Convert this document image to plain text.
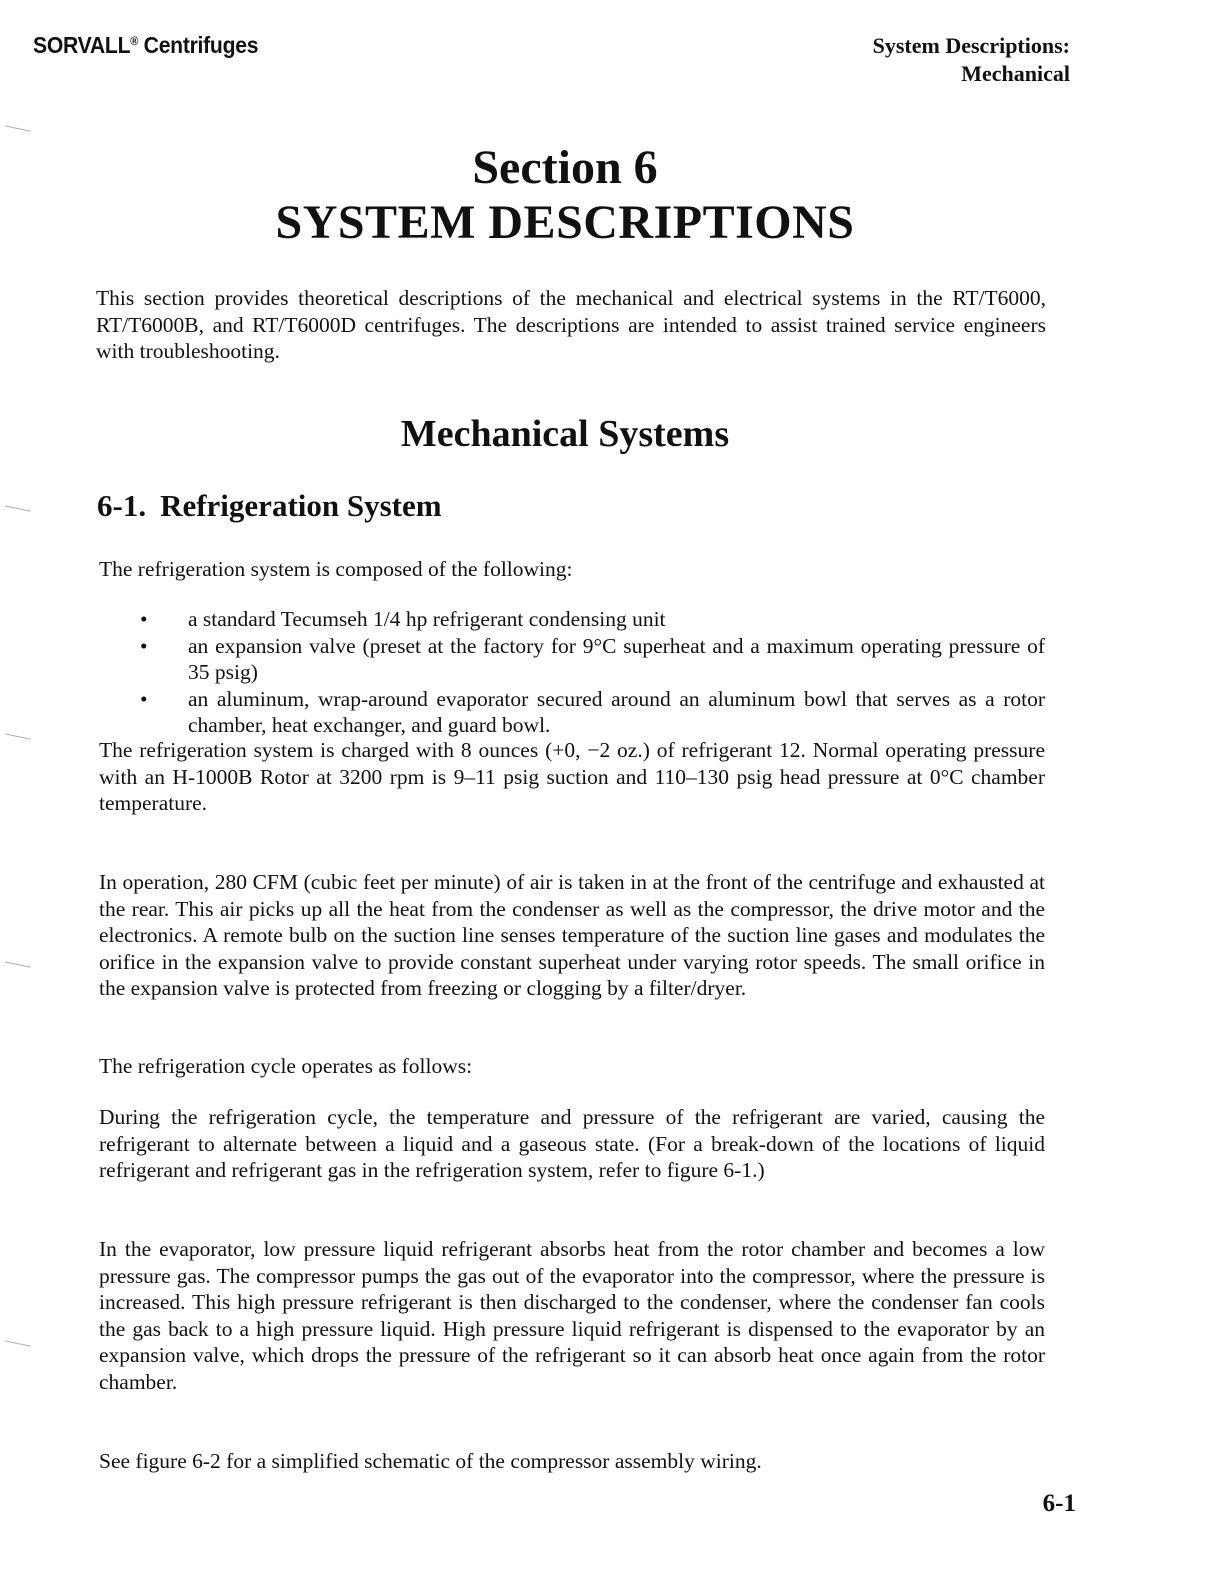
SORVALL® Centrifuges	System Descriptions:
Mechanical
Section 6
SYSTEM DESCRIPTIONS
This section provides theoretical descriptions of the mechanical and electrical systems in the RT/T6000, RT/T6000B, and RT/T6000D centrifuges. The descriptions are intended to assist trained service engineers with troubleshooting.
Mechanical Systems
6-1. Refrigeration System
The refrigeration system is composed of the following:
• a standard Tecumseh 1/4 hp refrigerant condensing unit
• an expansion valve (preset at the factory for 9°C superheat and a maximum operating pressure of 35 psig)
• an aluminum, wrap-around evaporator secured around an aluminum bowl that serves as a rotor chamber, heat exchanger, and guard bowl.
The refrigeration system is charged with 8 ounces (+0, −2 oz.) of refrigerant 12. Normal operating pressure with an H-1000B Rotor at 3200 rpm is 9–11 psig suction and 110–130 psig head pressure at 0°C chamber temperature.
In operation, 280 CFM (cubic feet per minute) of air is taken in at the front of the centrifuge and exhausted at the rear. This air picks up all the heat from the condenser as well as the compressor, the drive motor and the electronics. A remote bulb on the suction line senses temperature of the suction line gases and modulates the orifice in the expansion valve to provide constant superheat under varying rotor speeds. The small orifice in the expansion valve is protected from freezing or clogging by a filter/dryer.
The refrigeration cycle operates as follows:
During the refrigeration cycle, the temperature and pressure of the refrigerant are varied, causing the refrigerant to alternate between a liquid and a gaseous state. (For a break-down of the locations of liquid refrigerant and refrigerant gas in the refrigeration system, refer to figure 6-1.)
In the evaporator, low pressure liquid refrigerant absorbs heat from the rotor chamber and becomes a low pressure gas. The compressor pumps the gas out of the evaporator into the compressor, where the pressure is increased. This high pressure refrigerant is then discharged to the condenser, where the condenser fan cools the gas back to a high pressure liquid. High pressure liquid refrigerant is dispensed to the evaporator by an expansion valve, which drops the pressure of the refrigerant so it can absorb heat once again from the rotor chamber.
See figure 6-2 for a simplified schematic of the compressor assembly wiring.
6-1
